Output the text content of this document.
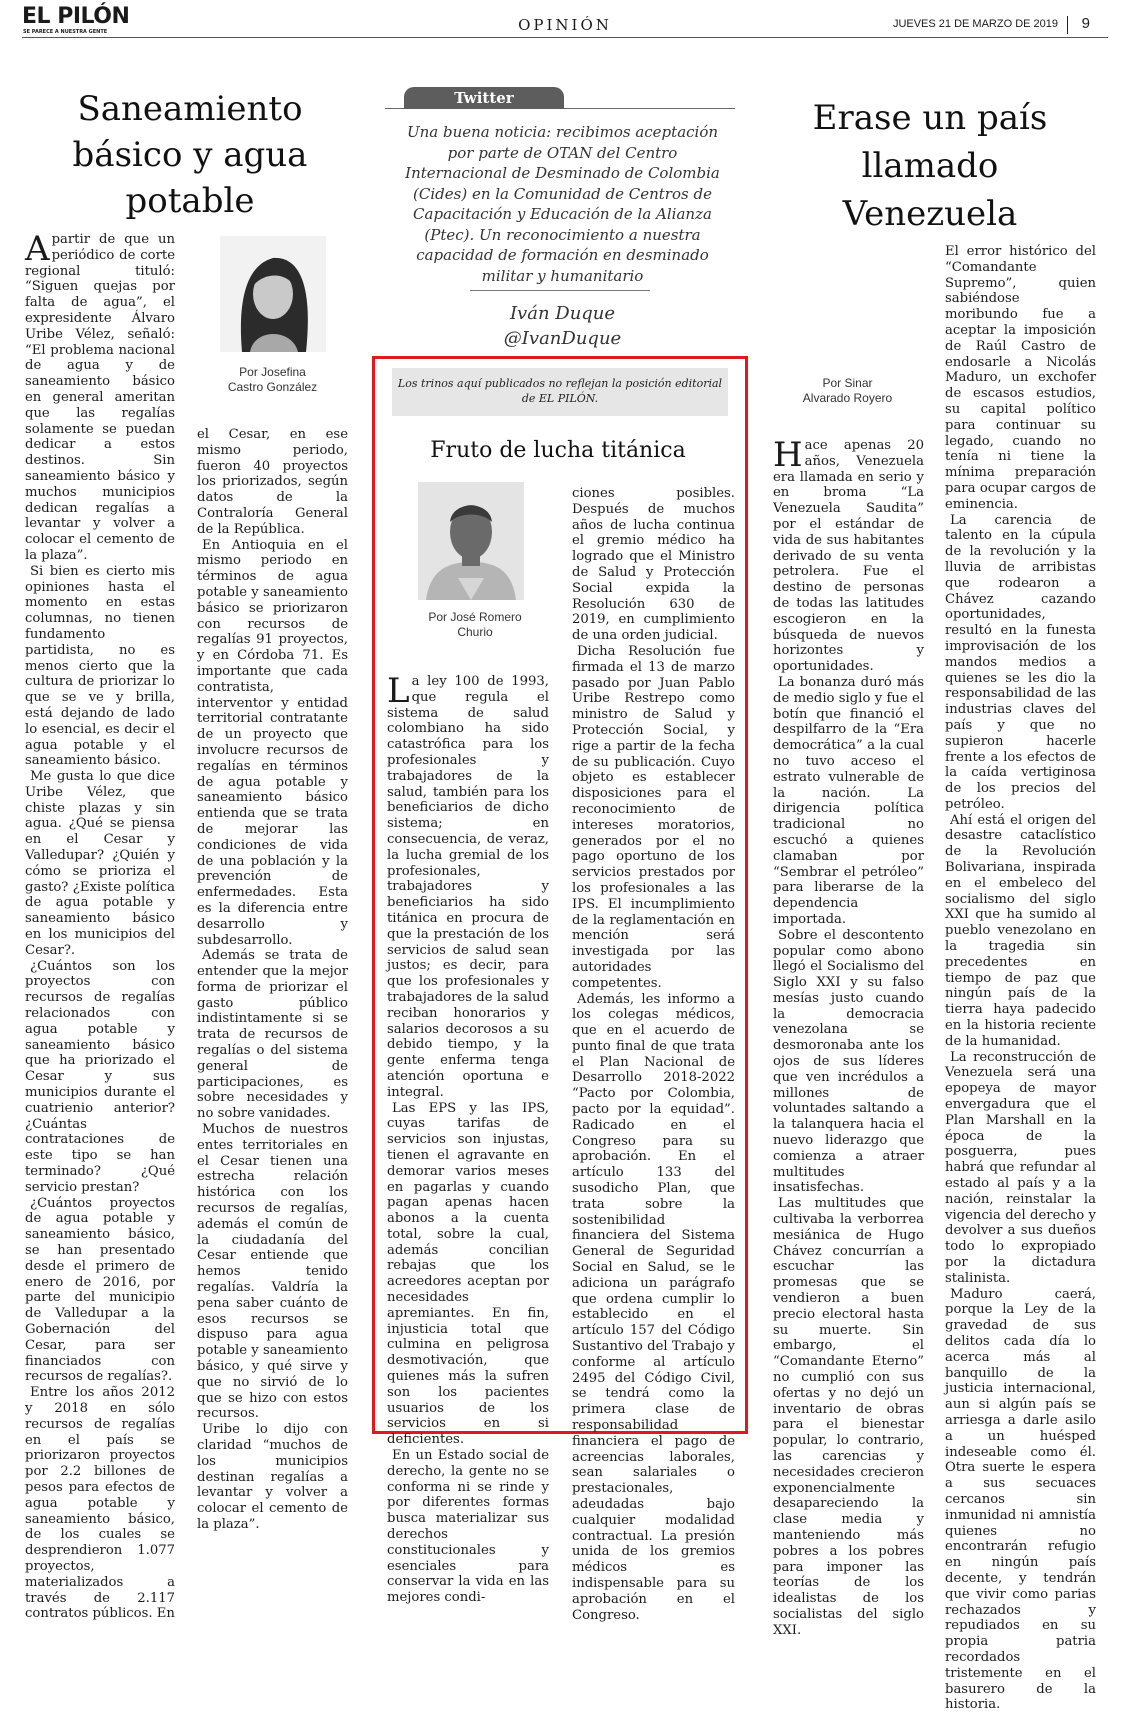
EL PILÓN
SE PARECE A NUESTRA GENTE	OPINIÓN	JUEVES 21 DE MARZO DE 2019 9
Saneamiento básico y agua potable
Por Josefina
Castro González

Apartir de que un periódico de corte regional tituló: “Siguen quejas por falta de agua”, el expresidente Álvaro Uribe Vélez, señaló: “El problema nacional de agua y de saneamiento básico en general ameritan que las regalías solamente se puedan dedicar a estos destinos. Sin saneamiento básico y muchos municipios dedican regalías a levantar y volver a colocar el cemento de la plaza”.

Si bien es cierto mis opiniones hasta el momento en estas columnas, no tienen fundamento partidista, no es menos cierto que la cultura de priorizar lo que se ve y brilla, está dejando de lado lo esencial, es decir el agua potable y el saneamiento básico.

Me gusta lo que dice Uribe Vélez, que chiste plazas y sin agua. ¿Qué se piensa en el Cesar y Valledupar? ¿Quién y cómo se prioriza el gasto? ¿Existe política de agua potable y saneamiento básico en los municipios del Cesar?.

¿Cuántos son los proyectos con recursos de regalías relacionados con agua potable y saneamiento básico que ha priorizado el Cesar y sus municipios durante el cuatrienio anterior? ¿Cuántas contrataciones de este tipo se han terminado? ¿Qué servicio prestan?

¿Cuántos proyectos de agua potable y saneamiento básico, se han presentado desde el primero de enero de 2016, por parte del municipio de Valledupar a la Gobernación del Cesar, para ser financiados con recursos de regalías?.

Entre los años 2012 y 2018 en sólo recursos de regalías en el país se priorizaron proyectos por 2.2 billones de pesos para efectos de agua potable y saneamiento básico, de los cuales se desprendieron 1.077 proyectos, materializados a través de 2.117 contratos públicos. En

el Cesar, en ese mismo periodo, fueron 40 proyectos los priorizados, según datos de la Contraloría General de la República.

En Antioquia en el mismo periodo en términos de agua potable y saneamiento básico se priorizaron con recursos de regalías 91 proyectos, y en Córdoba 71. Es importante que cada contratista, interventor y entidad territorial contratante de un proyecto que involucre recursos de regalías en términos de agua potable y saneamiento básico entienda que se trata de mejorar las condiciones de vida de una población y la prevención de enfermedades. Esta es la diferencia entre desarrollo y subdesarrollo.

Además se trata de entender que la mejor forma de priorizar el gasto público indistintamente si se trata de recursos de regalías o del sistema general de participaciones, es sobre necesidades y no sobre vanidades.

Muchos de nuestros entes territoriales en el Cesar tienen una estrecha relación histórica con los recursos de regalías, además el común de la ciudadanía del Cesar entiende que hemos tenido regalías. Valdría la pena saber cuánto de esos recursos se dispuso para agua potable y saneamiento básico, y qué sirve y que no sirvió de lo que se hizo con estos recursos.

Uribe lo dijo con claridad “muchos de los municipios destinan regalías a levantar y volver a colocar el cemento de la plaza”.

Twitter
Una buena noticia: recibimos aceptación por parte de OTAN del Centro Internacional de Desminado de Colombia (Cides) en la Comunidad de Centros de Capacitación y Educación de la Alianza (Ptec). Un reconocimiento a nuestra capacidad de formación en desminado militar y humanitario
Iván Duque
@IvanDuque
Los trinos aquí publicados no reflejan la posición editorial de EL PILÓN.
Fruto de lucha titánica
Por José Romero
Churio

La ley 100 de 1993, que regula el sistema de salud colombiano ha sido catastrófica para los profesionales y trabajadores de la salud, también para los beneficiarios de dicho sistema; en consecuencia, de veraz, la lucha gremial de los profesionales, trabajadores y beneficiarios ha sido titánica en procura de que la prestación de los servicios de salud sean justos; es decir, para que los profesionales y trabajadores de la salud reciban honorarios y salarios decorosos a su debido tiempo, y la gente enferma tenga atención oportuna e integral.

Las EPS y las IPS, cuyas tarifas de servicios son injustas, tienen el agravante en demorar varios meses en pagarlas y cuando pagan apenas hacen abonos a la cuenta total, sobre la cual, además concilian rebajas que los acreedores aceptan por necesidades apremiantes. En fin, injusticia total que culmina en peligrosa desmotivación, que quienes más la sufren son los pacientes usuarios de los servicios en si deficientes.

En un Estado social de derecho, la gente no se conforma ni se rinde y por diferentes formas busca materializar sus derechos constitucionales y esenciales para conservar la vida en las mejores condi-

ciones posibles. Después de muchos años de lucha continua el gremio médico ha logrado que el Ministro de Salud y Protección Social expida la Resolución 630 de 2019, en cumplimiento de una orden judicial.

Dicha Resolución fue firmada el 13 de marzo pasado por Juan Pablo Uribe Restrepo como ministro de Salud y Protección Social, y rige a partir de la fecha de su publicación. Cuyo objeto es establecer disposiciones para el reconocimiento de intereses moratorios, generados por el no pago oportuno de los servicios prestados por los profesionales a las IPS. El incumplimiento de la reglamentación en mención será investigada por las autoridades competentes.

Además, les informo a los colegas médicos, que en el acuerdo de punto final de que trata el Plan Nacional de Desarrollo 2018-2022 “Pacto por Colombia, pacto por la equidad”. Radicado en el Congreso para su aprobación. En el artículo 133 del susodicho Plan, que trata sobre la sostenibilidad financiera del Sistema General de Seguridad Social en Salud, se le adiciona un parágrafo que ordena cumplir lo establecido en el artículo 157 del Código Sustantivo del Trabajo y conforme al artículo 2495 del Código Civil, se tendrá como la primera clase de responsabilidad financiera el pago de acreencias laborales, sean salariales o prestacionales, adeudadas bajo cualquier modalidad contractual. La presión unida de los gremios médicos es indispensable para su aprobación en el Congreso.

Erase un país llamado Venezuela
Por Sinar
Alvarado Royero

Hace apenas 20 años, Venezuela era llamada en serio y en broma “La Venezuela Saudita” por el estándar de vida de sus habitantes derivado de su venta petrolera. Fue el destino de personas de todas las latitudes escogieron en la búsqueda de nuevos horizontes y oportunidades.

La bonanza duró más de medio siglo y fue el botín que financió el despilfarro de la “Era democrática” a la cual no tuvo acceso el estrato vulnerable de la nación. La dirigencia política tradicional no escuchó a quienes clamaban por “Sembrar el petróleo” para liberarse de la dependencia importada.

Sobre el descontento popular como abono llegó el Socialismo del Siglo XXI y su falso mesías justo cuando la democracia venezolana se desmoronaba ante los ojos de sus líderes que ven incrédulos a millones de voluntades saltando a la talanquera hacia el nuevo liderazgo que comienza a atraer multitudes insatisfechas.

Las multitudes que cultivaba la verborrea mesiánica de Hugo Chávez concurrían a escuchar las promesas que se vendieron a buen precio electoral hasta su muerte. Sin embargo, el “Comandante Eterno” no cumplió con sus ofertas y no dejó un inventario de obras para el bienestar popular, lo contrario, las carencias y necesidades crecieron exponencialmente desapareciendo la clase media y manteniendo más pobres a los pobres para imponer las teorías de los idealistas de los socialistas del siglo XXI.

El error histórico del “Comandante Supremo”, quien sabiéndose moribundo fue a aceptar la imposición de Raúl Castro de endosarle a Nicolás Maduro, un exchofer de escasos estudios, su capital político para continuar su legado, cuando no tenía ni tiene la mínima preparación para ocupar cargos de eminencia.

La carencia de talento en la cúpula de la revolución y la lluvia de arribistas que rodearon a Chávez cazando oportunidades, resultó en la funesta improvisación de los mandos medios a quienes se les dio la responsabilidad de las industrias claves del país y que no supieron hacerle frente a los efectos de la caída vertiginosa de los precios del petróleo.

Ahí está el origen del desastre cataclístico de la Revolución Bolivariana, inspirada en el embeleco del socialismo del siglo XXI que ha sumido al pueblo venezolano en la tragedia sin precedentes en tiempo de paz que ningún país de la tierra haya padecido en la historia reciente de la humanidad.

La reconstrucción de Venezuela será una epopeya de mayor envergadura que el Plan Marshall en la época de la posguerra, pues habrá que refundar al estado al país y a la nación, reinstalar la vigencia del derecho y devolver a sus dueños todo lo expropiado por la dictadura stalinista.

Maduro caerá, porque la Ley de la gravedad de sus delitos cada día lo acerca más al banquillo de la justicia internacional, aun si algún país se arriesga a darle asilo a un huésped indeseable como él. Otra suerte le espera a sus secuaces cercanos sin inmunidad ni amnistía quienes no encontrarán refugio en ningún país decente, y tendrán que vivir como parias rechazados y repudiados en su propia patria recordados tristemente en el basurero de la historia.
